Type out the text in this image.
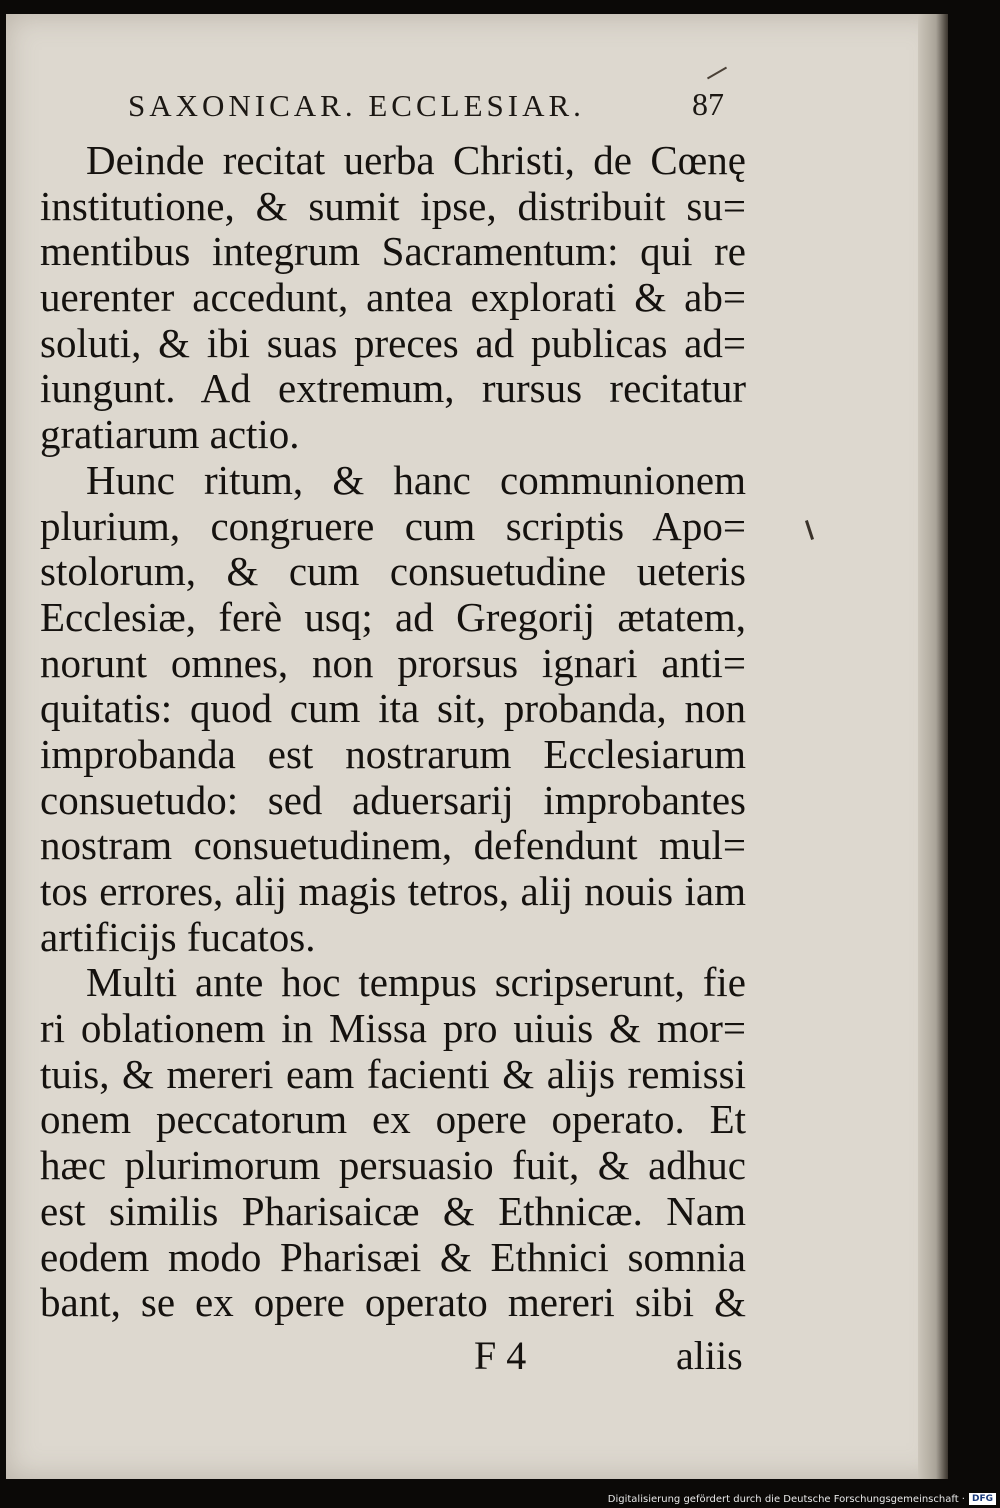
SAXONICAR. ECCLESIAR.	87
Deinde recitat uerba Christi, de Cœnę
institutione, & sumit ipse, distribuit su=
mentibus integrum Sacramentum: qui re
uerenter accedunt, antea explorati & ab=
soluti, & ibi suas preces ad publicas ad=
iungunt. Ad extremum, rursus recitatur
gratiarum actio.
Hunc ritum, & hanc communionem
plurium, congruere cum scriptis Apo=
stolorum, & cum consuetudine ueteris
Ecclesiæ, ferè usq; ad Gregorij ætatem,
norunt omnes, non prorsus ignari anti=
quitatis: quod cum ita sit, probanda, non
improbanda est nostrarum Ecclesiarum
consuetudo: sed aduersarij improbantes
nostram consuetudinem, defendunt mul=
tos errores, alij magis tetros, alij nouis iam
artificijs fucatos.
Multi ante hoc tempus scripserunt, fie
ri oblationem in Missa pro uiuis & mor=
tuis, & mereri eam facienti & alijs remissi
onem peccatorum ex opere operato. Et
hæc plurimorum persuasio fuit, & adhuc
est similis Pharisaicæ & Ethnicæ. Nam
eodem modo Pharisæi & Ethnici somnia
bant, se ex opere operato mereri sibi &
F 4	aliis
Digitalisierung gefördert durch die Deutsche Forschungsgemeinschaft · DFG
